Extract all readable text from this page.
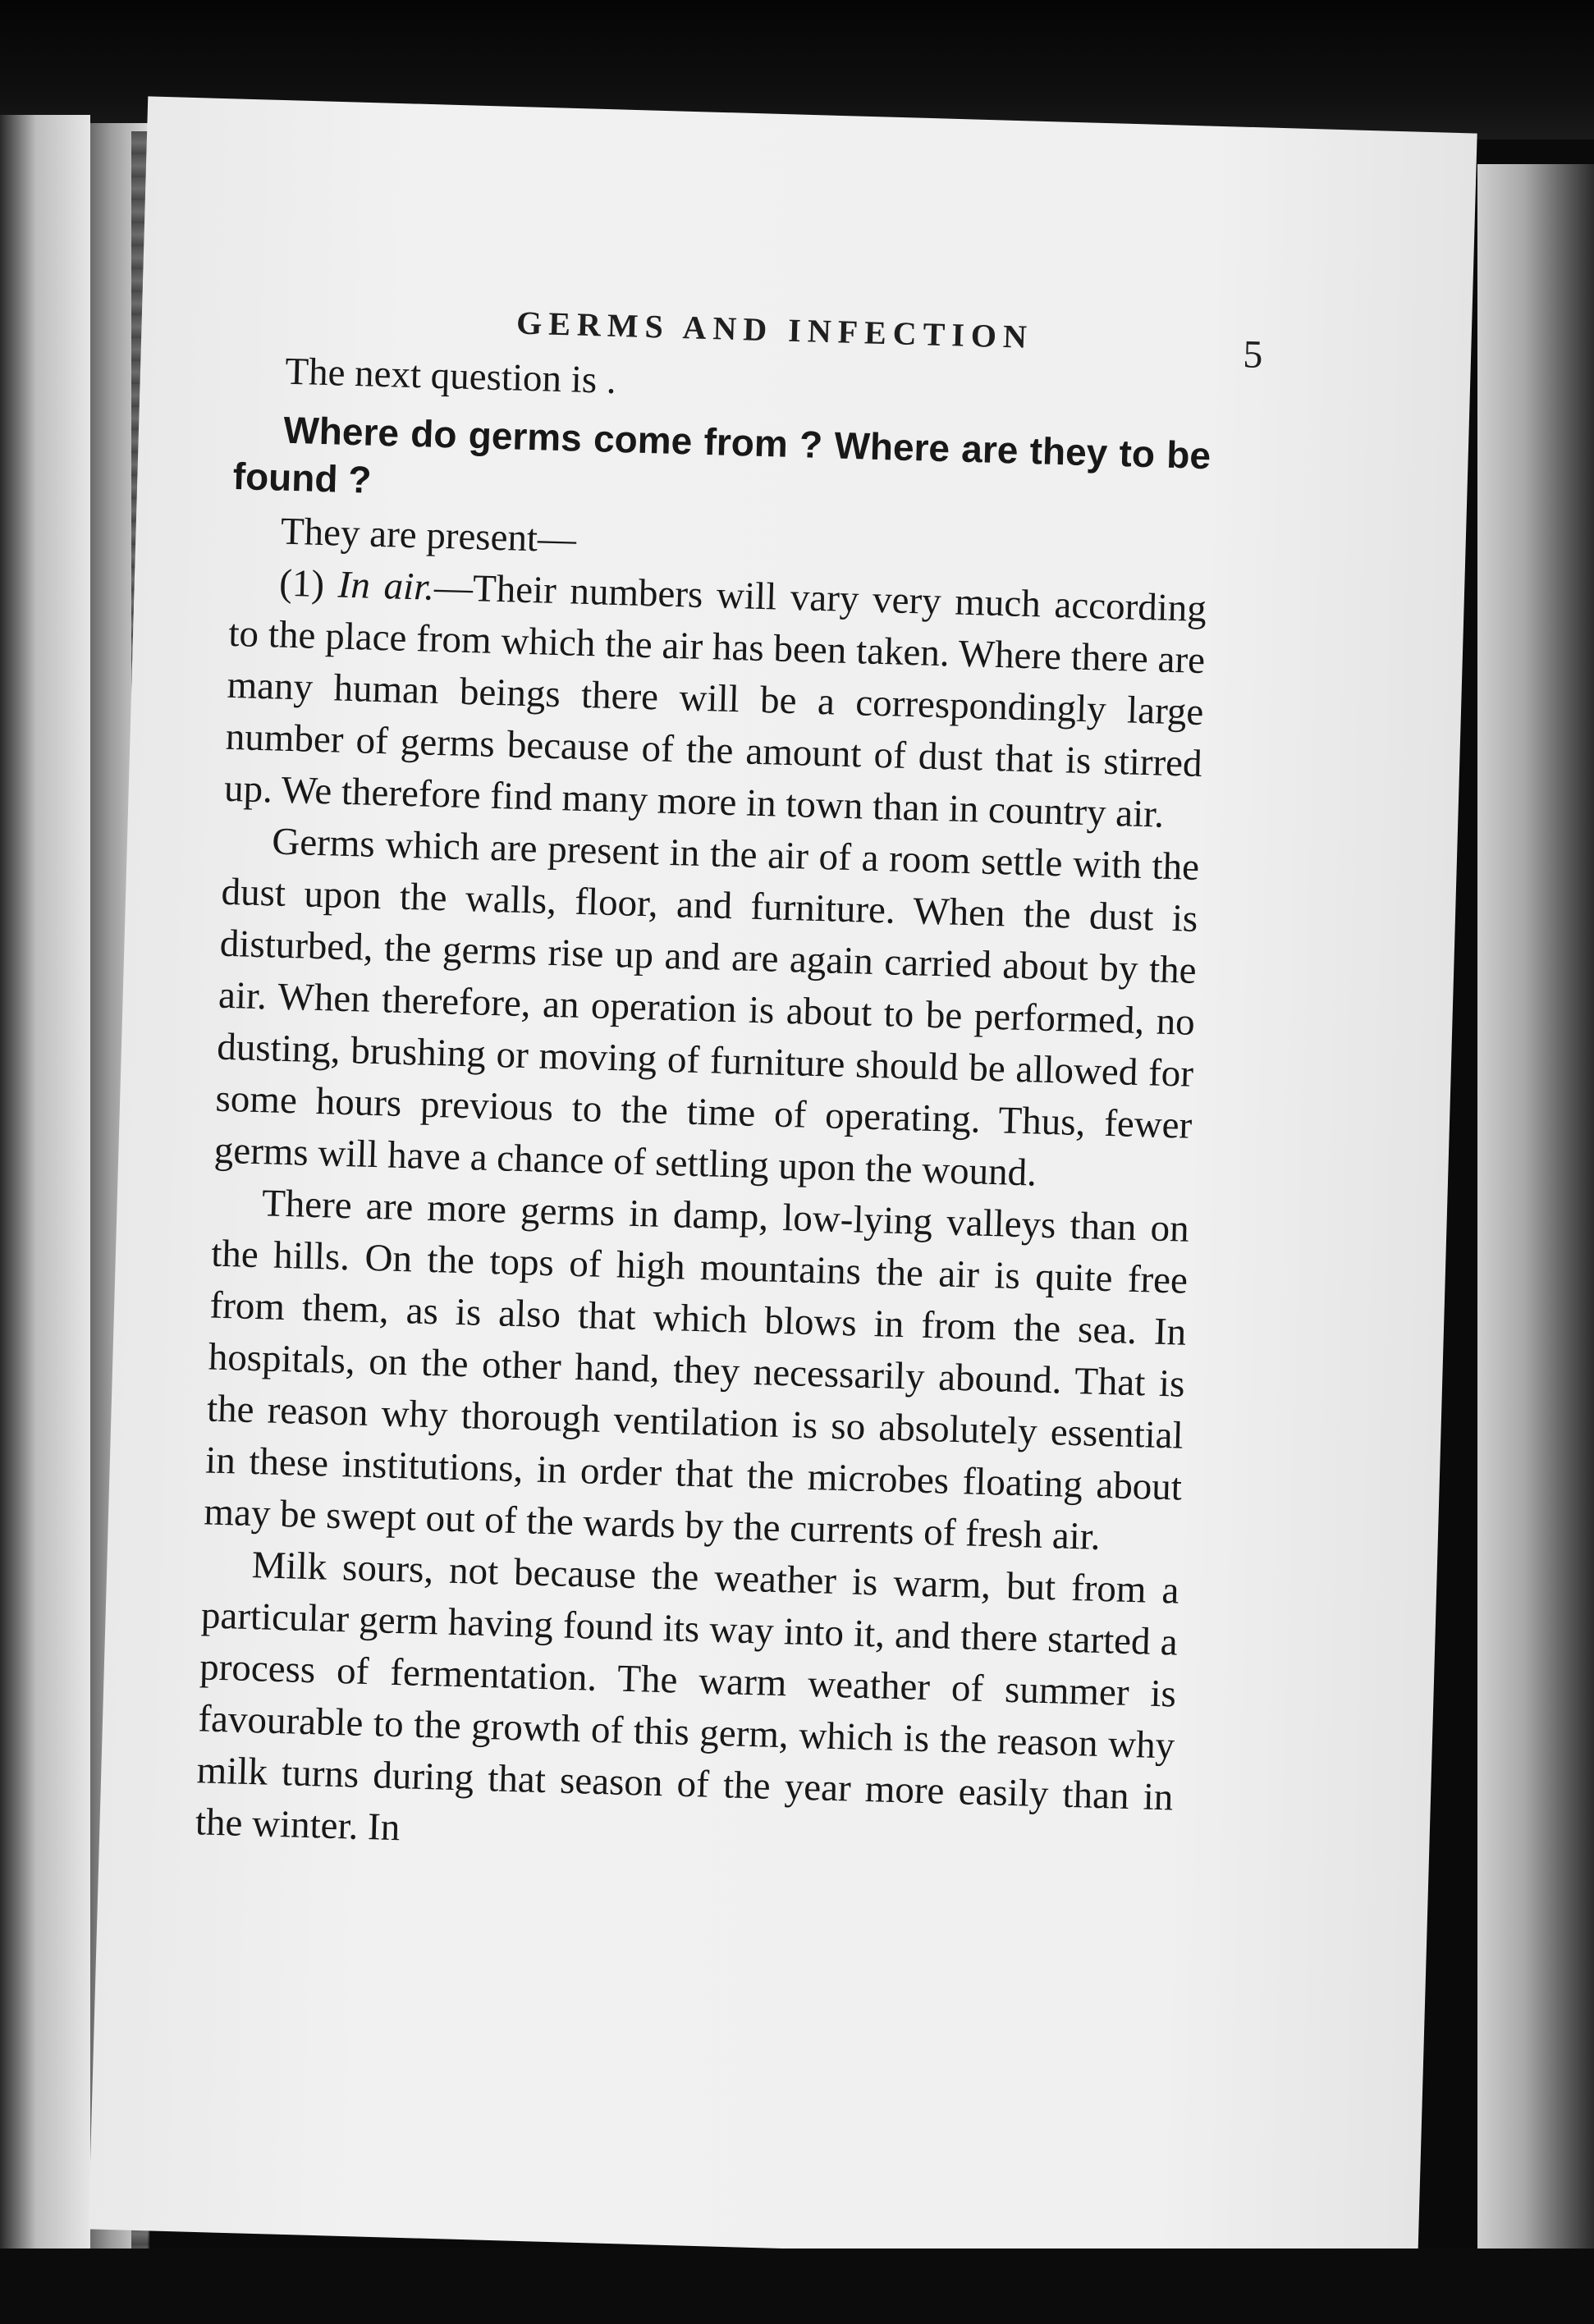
GERMS AND INFECTION	5

The next question is .

Where do germs come from ? Where are they to be found ?

They are present—

(1) In air.—Their numbers will vary very much according to the place from which the air has been taken. Where there are many human beings there will be a correspondingly large number of germs because of the amount of dust that is stirred up. We therefore find many more in town than in country air.

Germs which are present in the air of a room settle with the dust upon the walls, floor, and furniture. When the dust is disturbed, the germs rise up and are again carried about by the air. When therefore, an operation is about to be performed, no dusting, brushing or moving of furniture should be allowed for some hours previous to the time of operating. Thus, fewer germs will have a chance of settling upon the wound.

There are more germs in damp, low-lying valleys than on the hills. On the tops of high mountains the air is quite free from them, as is also that which blows in from the sea. In hospitals, on the other hand, they necessarily abound. That is the reason why thorough ventilation is so absolutely essential in these institutions, in order that the microbes floating about may be swept out of the wards by the currents of fresh air.

Milk sours, not because the weather is warm, but from a particular germ having found its way into it, and there started a process of fermentation. The warm weather of summer is favourable to the growth of this germ, which is the reason why milk turns during that season of the year more easily than in the winter. In
